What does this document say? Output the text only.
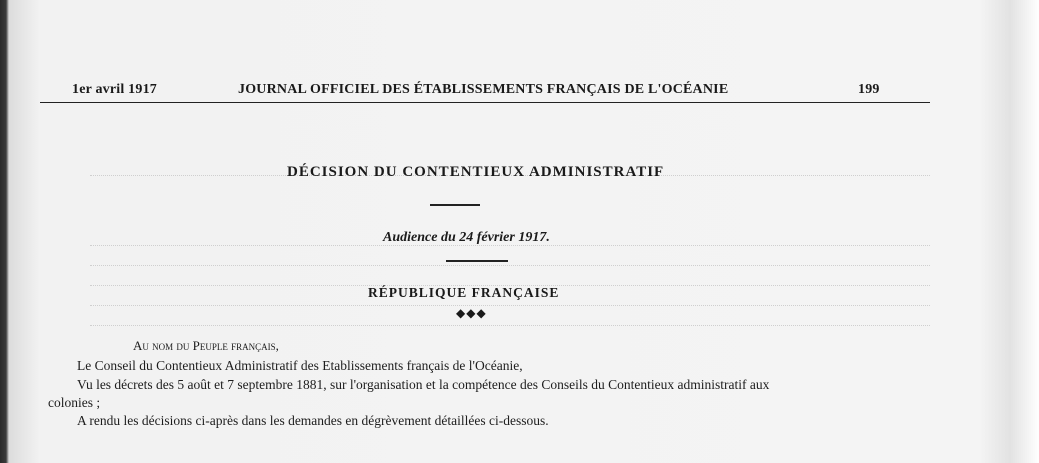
1er avril 1917	JOURNAL OFFICIEL DES ÉTABLISSEMENTS FRANÇAIS DE L'OCÉANIE	199
DÉCISION DU CONTENTIEUX ADMINISTRATIF
Audience du 24 février 1917.
RÉPUBLIQUE FRANÇAISE
◆◆◆
Au nom du Peuple français,
Le Conseil du Contentieux Administratif des Etablissements français de l'Océanie,
Vu les décrets des 5 août et 7 septembre 1881, sur l'organisation et la compétence des Conseils du Contentieux administratif aux
colonies ;
A rendu les décisions ci-après dans les demandes en dégrèvement détaillées ci-dessous.
